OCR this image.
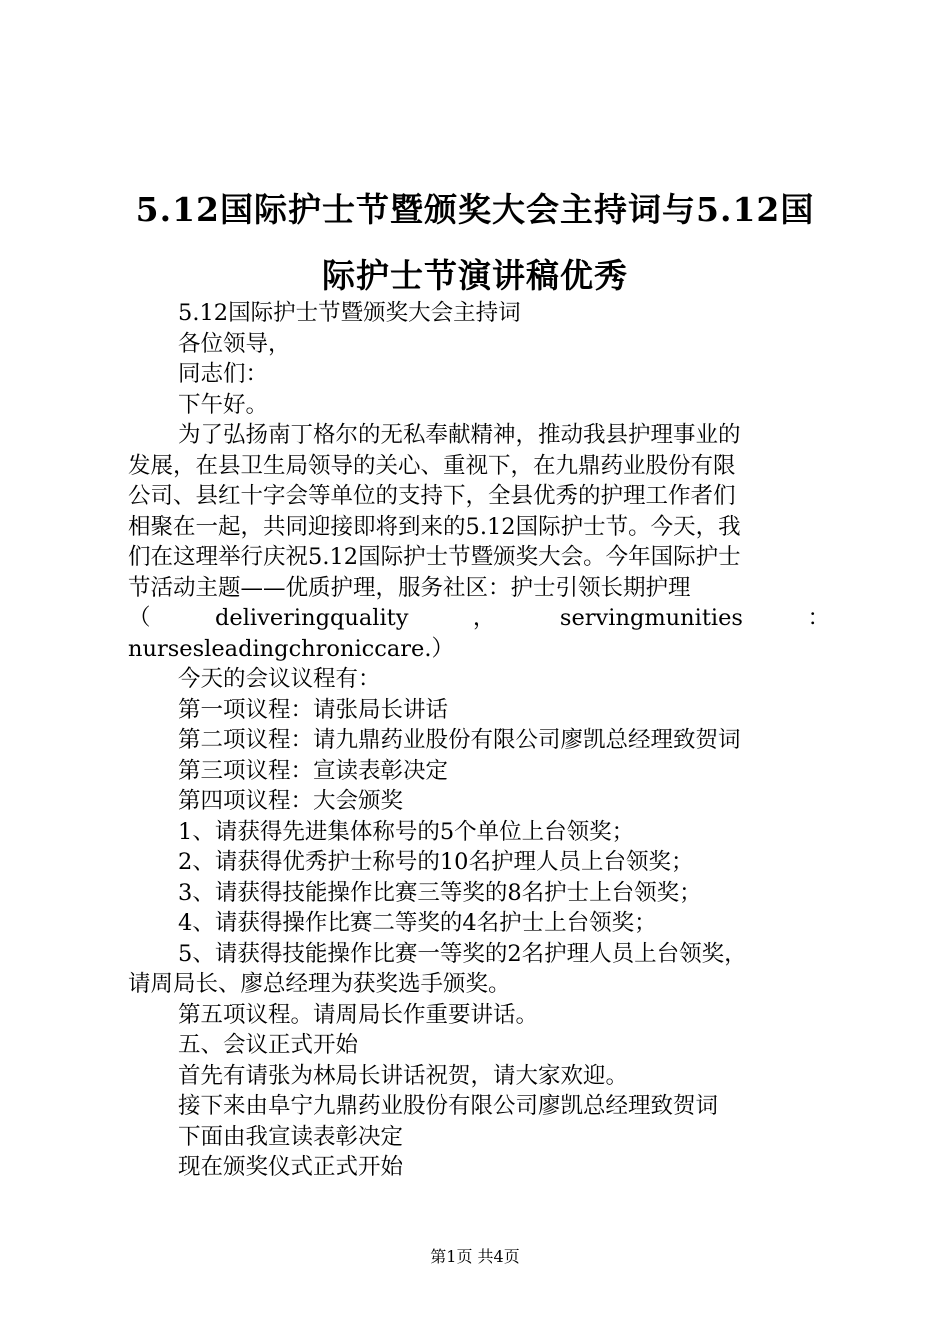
5.12国际护士节暨颁奖大会主持词与5.12国
际护士节演讲稿优秀
5.12国际护士节暨颁奖大会主持词
各位领导，
同志们：
下午好。
为了弘扬南丁格尔的无私奉献精神，推动我县护理事业的
发展，在县卫生局领导的关心、重视下，在九鼎药业股份有限
公司、县红十字会等单位的支持下，全县优秀的护理工作者们
相聚在一起，共同迎接即将到来的5.12国际护士节。今天，我
们在这理举行庆祝5.12国际护士节暨颁奖大会。今年国际护士
节活动主题——优质护理，服务社区：护士引领长期护理
（	deliveringquality	，	servingmunities	：
nursesleadingchroniccare.）
今天的会议议程有：
第一项议程：请张局长讲话
第二项议程：请九鼎药业股份有限公司廖凯总经理致贺词
第三项议程：宣读表彰决定
第四项议程：大会颁奖
1、请获得先进集体称号的5个单位上台领奖；
2、请获得优秀护士称号的10名护理人员上台领奖；
3、请获得技能操作比赛三等奖的8名护士上台领奖；
4、请获得操作比赛二等奖的4名护士上台领奖；
5、请获得技能操作比赛一等奖的2名护理人员上台领奖，
请周局长、廖总经理为获奖选手颁奖。
第五项议程。请周局长作重要讲话。
五、会议正式开始
首先有请张为林局长讲话祝贺，请大家欢迎。
接下来由阜宁九鼎药业股份有限公司廖凯总经理致贺词
下面由我宣读表彰决定
现在颁奖仪式正式开始
第1页 共4页
